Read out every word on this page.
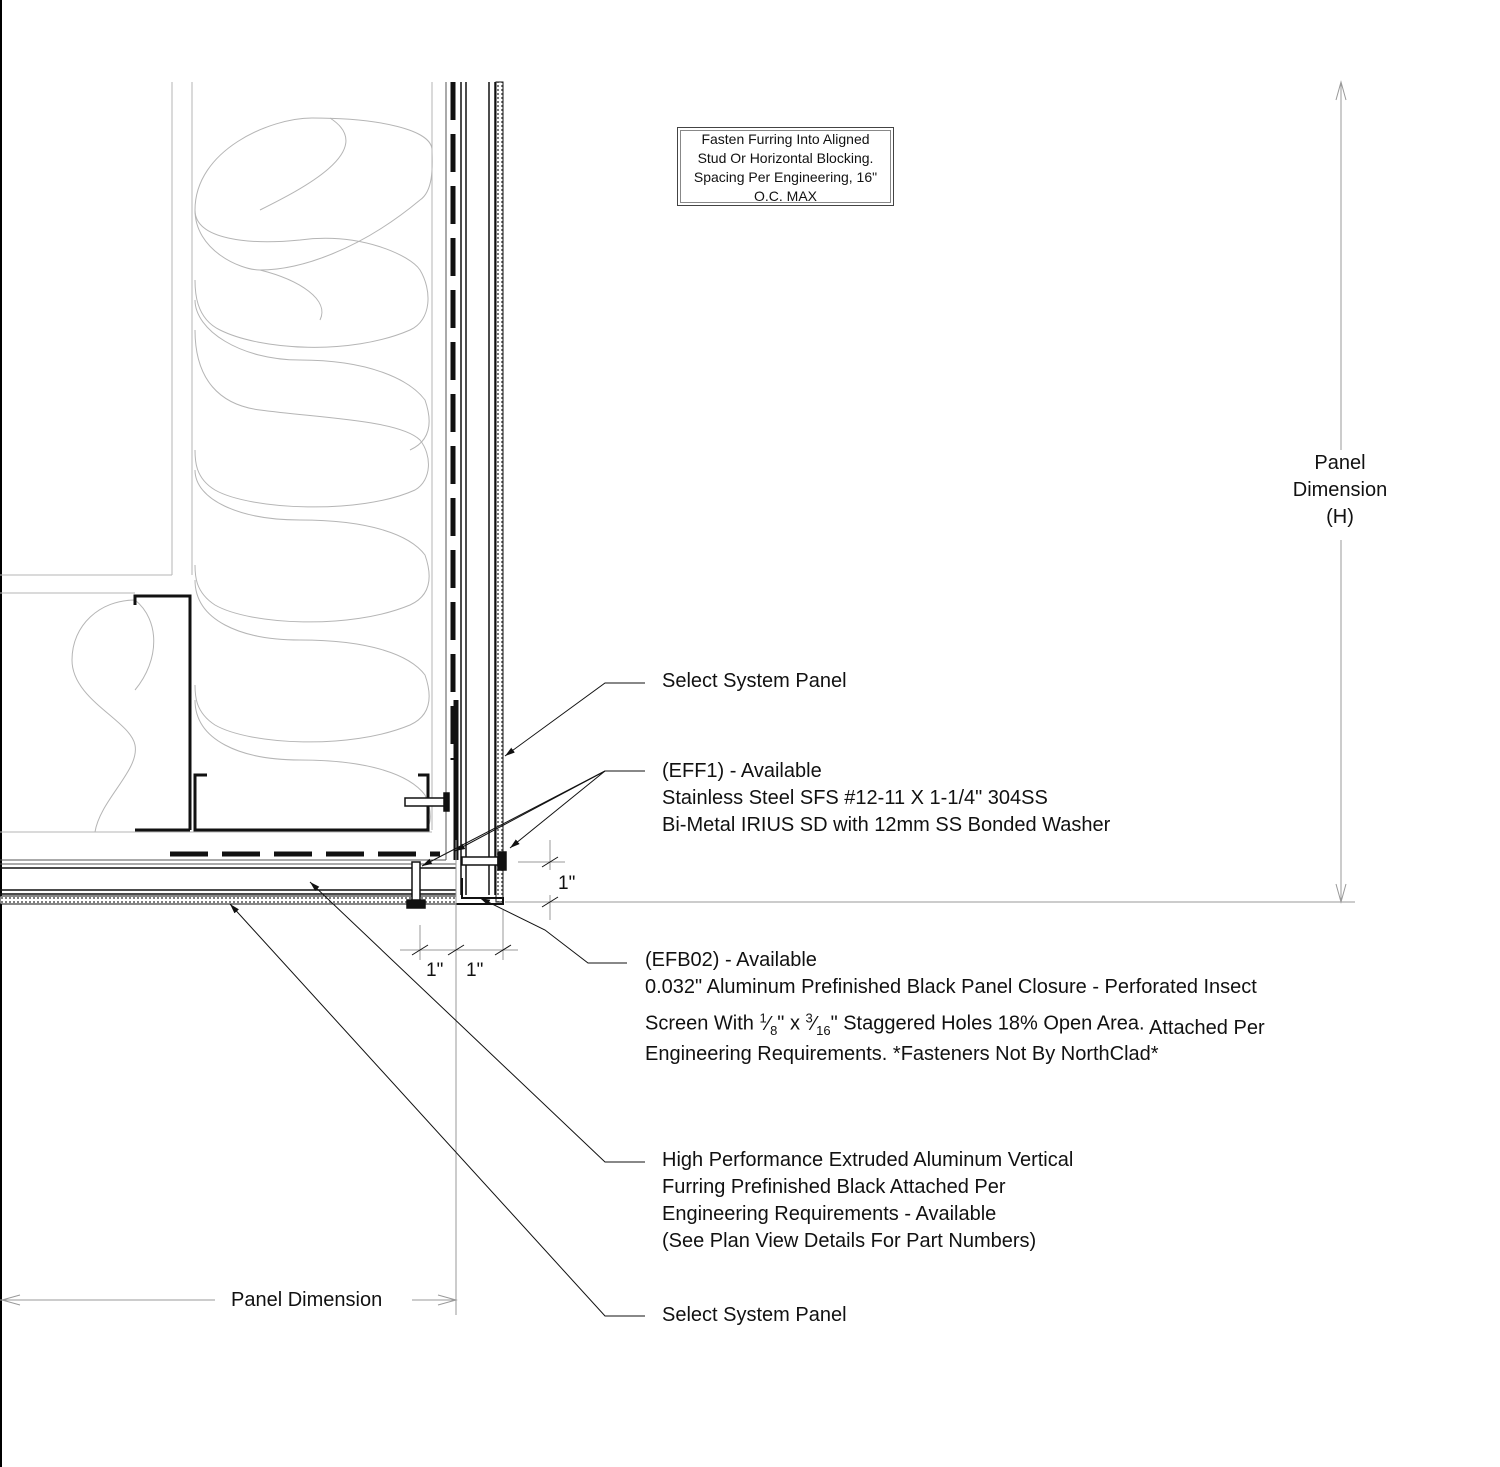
Fasten Furring Into Aligned
Stud Or Horizontal Blocking.
Spacing Per Engineering, 16"
O.C. MAX
Panel
Dimension
(H)
Panel Dimension
1"
1" 1"
Select System Panel
(EFF1) - Available
Stainless Steel SFS #12-11 X 1-1/4" 304SS
Bi-Metal IRIUS SD with 12mm SS Bonded Washer
(EFB02) - Available
0.032" Aluminum Prefinished Black Panel Closure - Perforated Insect
Screen With $^1⁄_8$" x $^3⁄_{16}$" Staggered Holes 18% Open Area. Attached Per
Engineering Requirements. *Fasteners Not By NorthClad*
High Performance Extruded Aluminum Vertical
Furring Prefinished Black Attached Per
Engineering Requirements - Available
(See Plan View Details For Part Numbers)
Select System Panel
